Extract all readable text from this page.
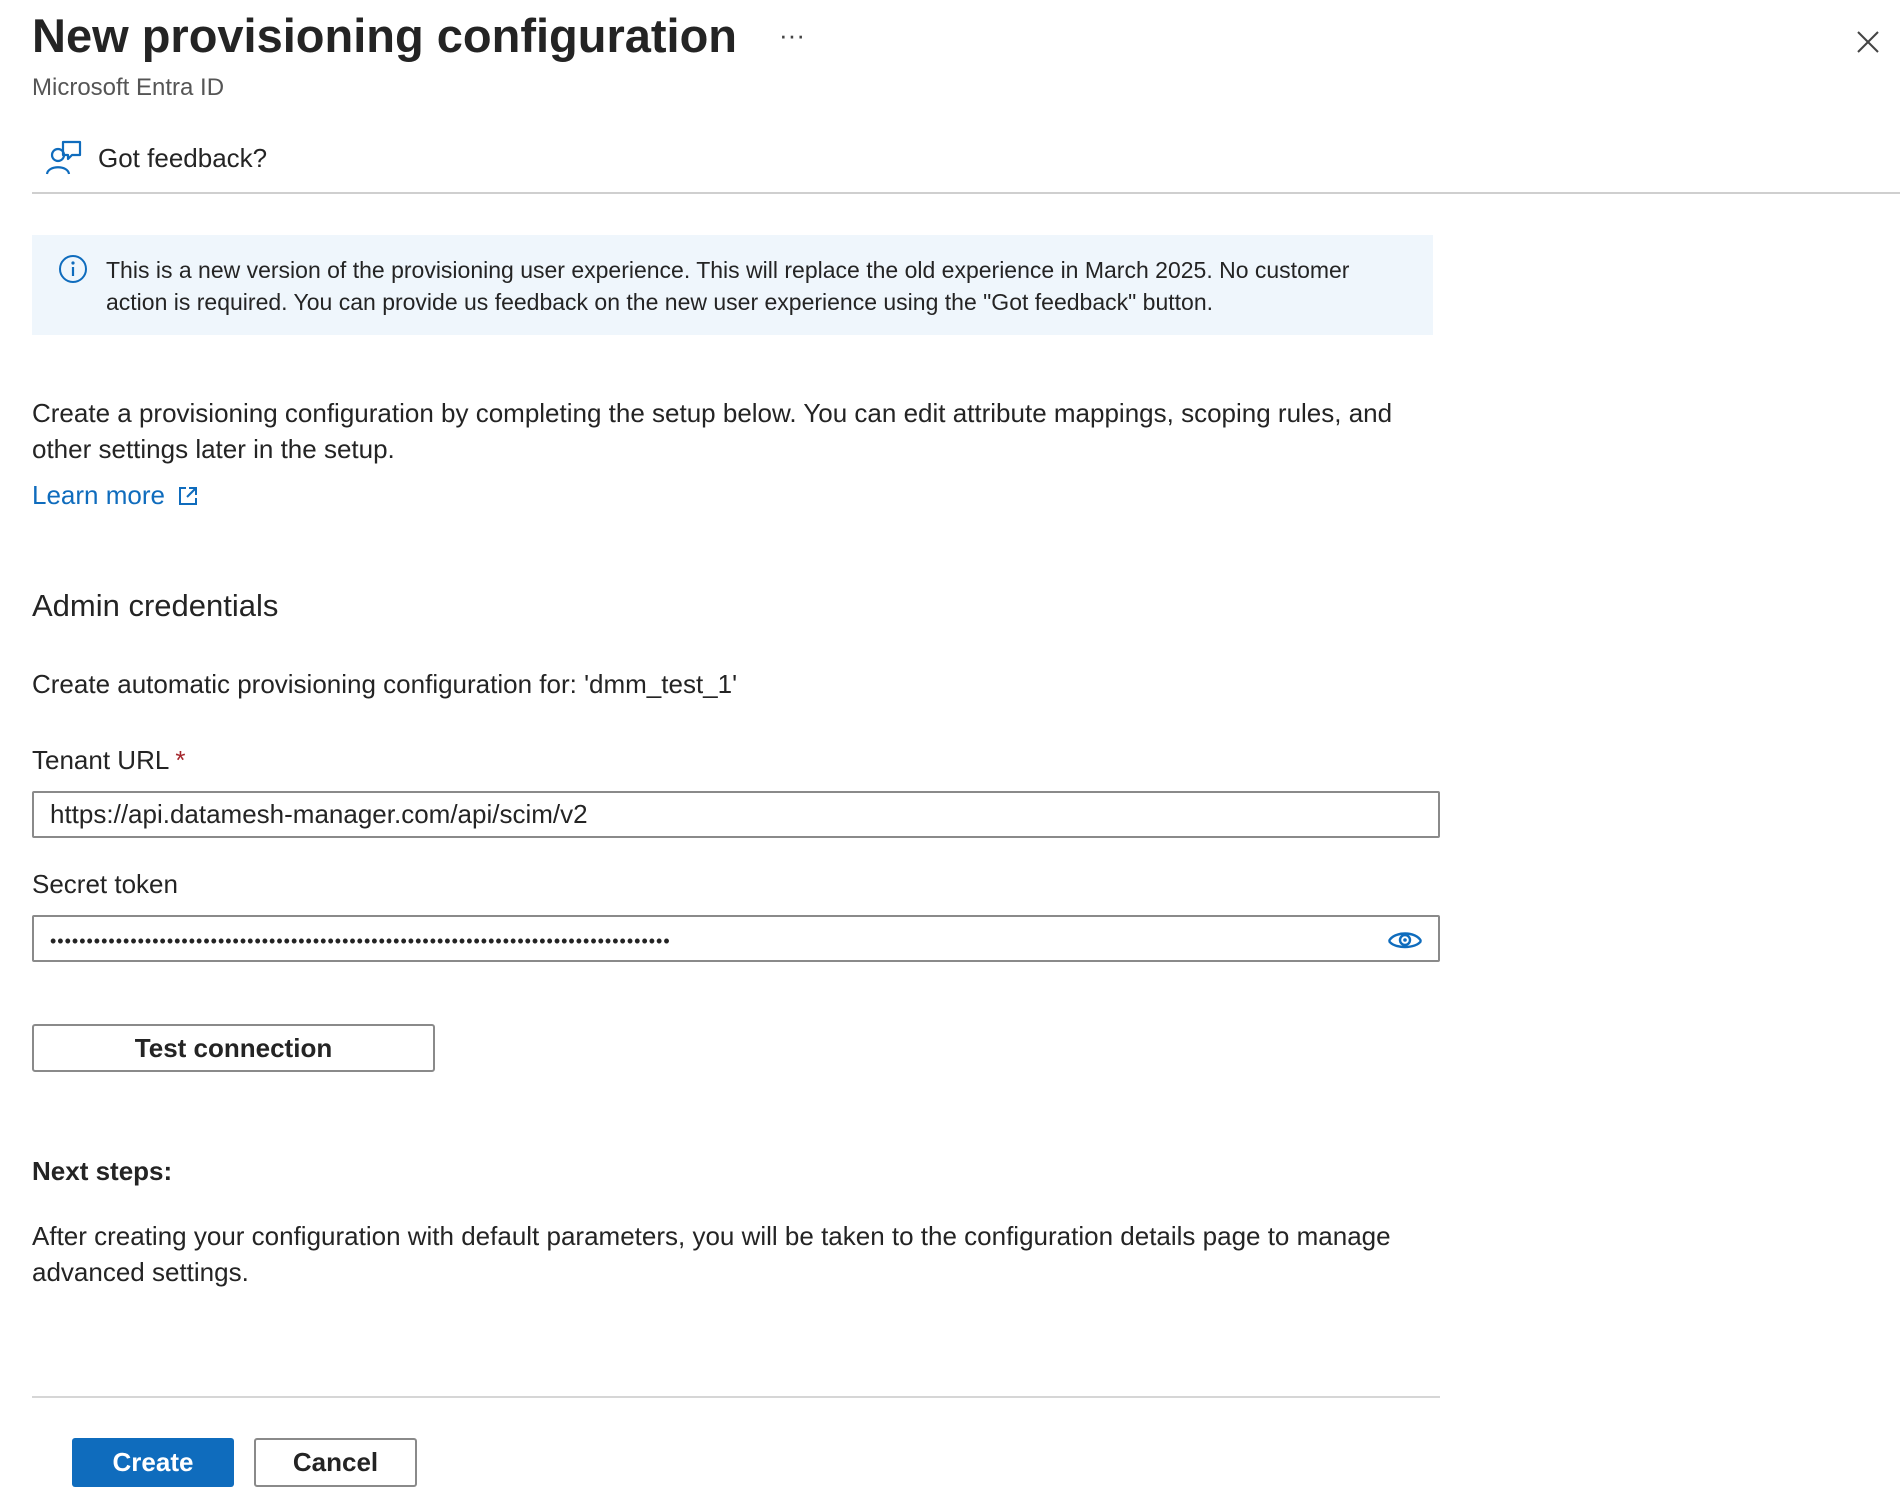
New provisioning configuration	···
Microsoft Entra ID
Got feedback?
This is a new version of the provisioning user experience. This will replace the old experience in March 2025. No customer action is required. You can provide us feedback on the new user experience using the "Got feedback" button.
Create a provisioning configuration by completing the setup below. You can edit attribute mappings, scoping rules, and other settings later in the setup.
Learn more
Admin credentials
Create automatic provisioning configuration for: 'dmm_test_1'
Tenant URL *
https://api.datamesh-manager.com/api/scim/v2
Secret token
•••••••••••••••••••••••••••••••••••••••••••••••••••••••••••••••••••••••••••••••••••••
Test connection
Next steps:
After creating your configuration with default parameters, you will be taken to the configuration details page to manage advanced settings.
Create	Cancel
